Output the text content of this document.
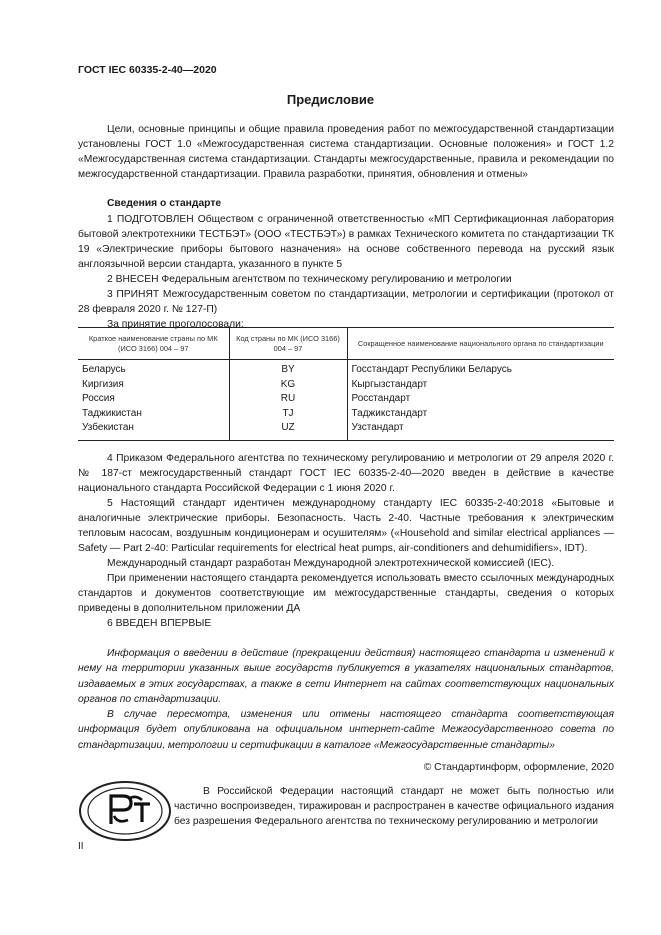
ГОСТ IEC 60335-2-40—2020
Предисловие

Цели, основные принципы и общие правила проведения работ по межгосударственной стандартизации установлены ГОСТ 1.0 «Межгосударственная система стандартизации. Основные положения» и ГОСТ 1.2 «Межгосударственная система стандартизации. Стандарты межгосударственные, правила и рекомендации по межгосударственной стандартизации. Правила разработки, принятия, обновления и отмены»

Сведения о стандарте

1 ПОДГОТОВЛЕН Обществом с ограниченной ответственностью «МП Сертификационная лаборатория бытовой электротехники ТЕСТБЭТ» (ООО «ТЕСТБЭТ») в рамках Технического комитета по стандартизации ТК 19 «Электрические приборы бытового назначения» на основе собственного перевода на русский язык англоязычной версии стандарта, указанного в пункте 5

2 ВНЕСЕН Федеральным агентством по техническому регулированию и метрологии

3 ПРИНЯТ Межгосударственным советом по стандартизации, метрологии и сертификации (протокол от 28 февраля 2020 г. № 127-П)

За принятие проголосовали:

Краткое наименование страны по МК (ИСО 3166) 004 – 97	Код страны по МК (ИСО 3166) 004 – 97	Сокращенное наименование национального органа по стандартизации
Беларусь	BY	Госстандарт Республики Беларусь
Киргизия	KG	Кыргызстандарт
Россия	RU	Росстандарт
Таджикистан	TJ	Таджикстандарт
Узбекистан	UZ	Узстандарт

4 Приказом Федерального агентства по техническому регулированию и метрологии от 29 апреля 2020 г. № 187-ст межгосударственный стандарт ГОСТ IEC 60335-2-40—2020 введен в действие в качестве национального стандарта Российской Федерации с 1 июня 2020 г.

5 Настоящий стандарт идентичен международному стандарту IEC 60335-2-40:2018 «Бытовые и аналогичные электрические приборы. Безопасность. Часть 2-40. Частные требования к электрическим тепловым насосам, воздушным кондиционерам и осушителям» («Household and similar electrical appliances — Safety — Part 2-40: Particular requirements for electrical heat pumps, air-conditioners and dehumidifiers», IDT).

Международный стандарт разработан Международной электротехнической комиссией (IEC).

При применении настоящего стандарта рекомендуется использовать вместо ссылочных международных стандартов и документов соответствующие им межгосударственные стандарты, сведения о которых приведены в дополнительном приложении ДА

6 ВВЕДЕН ВПЕРВЫЕ

Информация о введении в действие (прекращении действия) настоящего стандарта и изменений к нему на территории указанных выше государств публикуется в указателях национальных стандартов, издаваемых в этих государствах, а также в сети Интернет на сайтах соответствующих национальных органов по стандартизации.

В случае пересмотра, изменения или отмены настоящего стандарта соответствующая информация будет опубликована на официальном интернет-сайте Межгосударственного совета по стандартизации, метрологии и сертификации в каталоге «Межгосударственные стандарты»

© Стандартинформ, оформление, 2020

В Российской Федерации настоящий стандарт не может быть полностью или частично воспроизведен, тиражирован и распространен в качестве официального издания без разрешения Федерального агентства по техническому регулированию и метрологии

II
